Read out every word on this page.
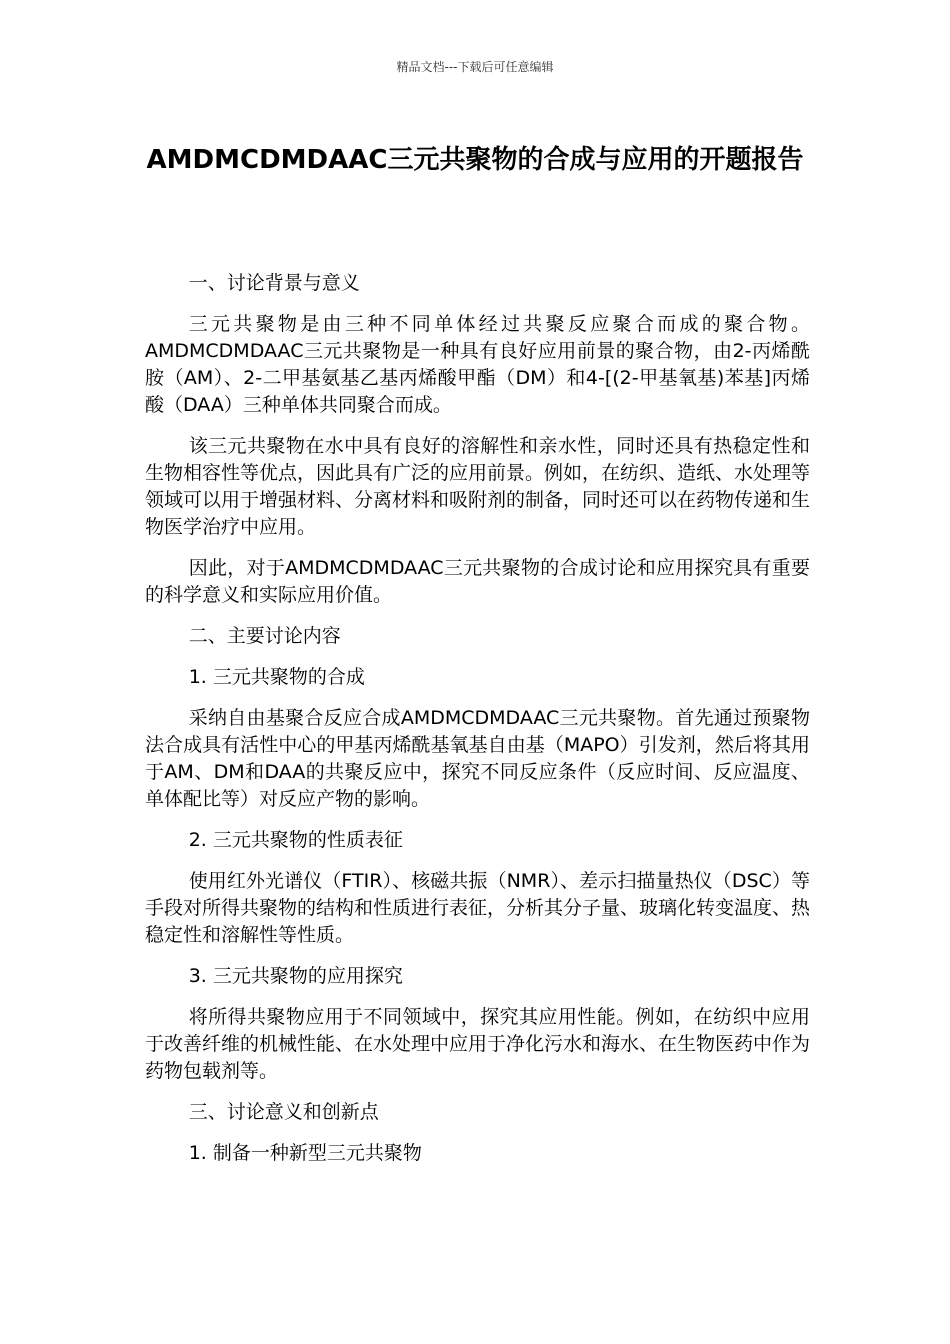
精品文档---下载后可任意编辑
AMDMCDMDAAC三元共聚物的合成与应用的开题报告

一、讨论背景与意义

三元共聚物是由三种不同单体经过共聚反应聚合而成的聚合物。AMDMCDMDAAC三元共聚物是一种具有良好应用前景的聚合物，由2-丙烯酰胺（AM）、2-二甲基氨基乙基丙烯酸甲酯（DM）和4-[(2-甲基氧基)苯基]丙烯酸（DAA）三种单体共同聚合而成。

该三元共聚物在水中具有良好的溶解性和亲水性，同时还具有热稳定性和生物相容性等优点，因此具有广泛的应用前景。例如，在纺织、造纸、水处理等领域可以用于增强材料、分离材料和吸附剂的制备，同时还可以在药物传递和生物医学治疗中应用。

因此，对于AMDMCDMDAAC三元共聚物的合成讨论和应用探究具有重要的科学意义和实际应用价值。

二、主要讨论内容

1. 三元共聚物的合成

采纳自由基聚合反应合成AMDMCDMDAAC三元共聚物。首先通过预聚物法合成具有活性中心的甲基丙烯酰基氧基自由基（MAPO）引发剂，然后将其用于AM、DM和DAA的共聚反应中，探究不同反应条件（反应时间、反应温度、单体配比等）对反应产物的影响。

2. 三元共聚物的性质表征

使用红外光谱仪（FTIR）、核磁共振（NMR）、差示扫描量热仪（DSC）等手段对所得共聚物的结构和性质进行表征，分析其分子量、玻璃化转变温度、热稳定性和溶解性等性质。

3. 三元共聚物的应用探究

将所得共聚物应用于不同领域中，探究其应用性能。例如，在纺织中应用于改善纤维的机械性能、在水处理中应用于净化污水和海水、在生物医药中作为药物包载剂等。

三、讨论意义和创新点

1. 制备一种新型三元共聚物
